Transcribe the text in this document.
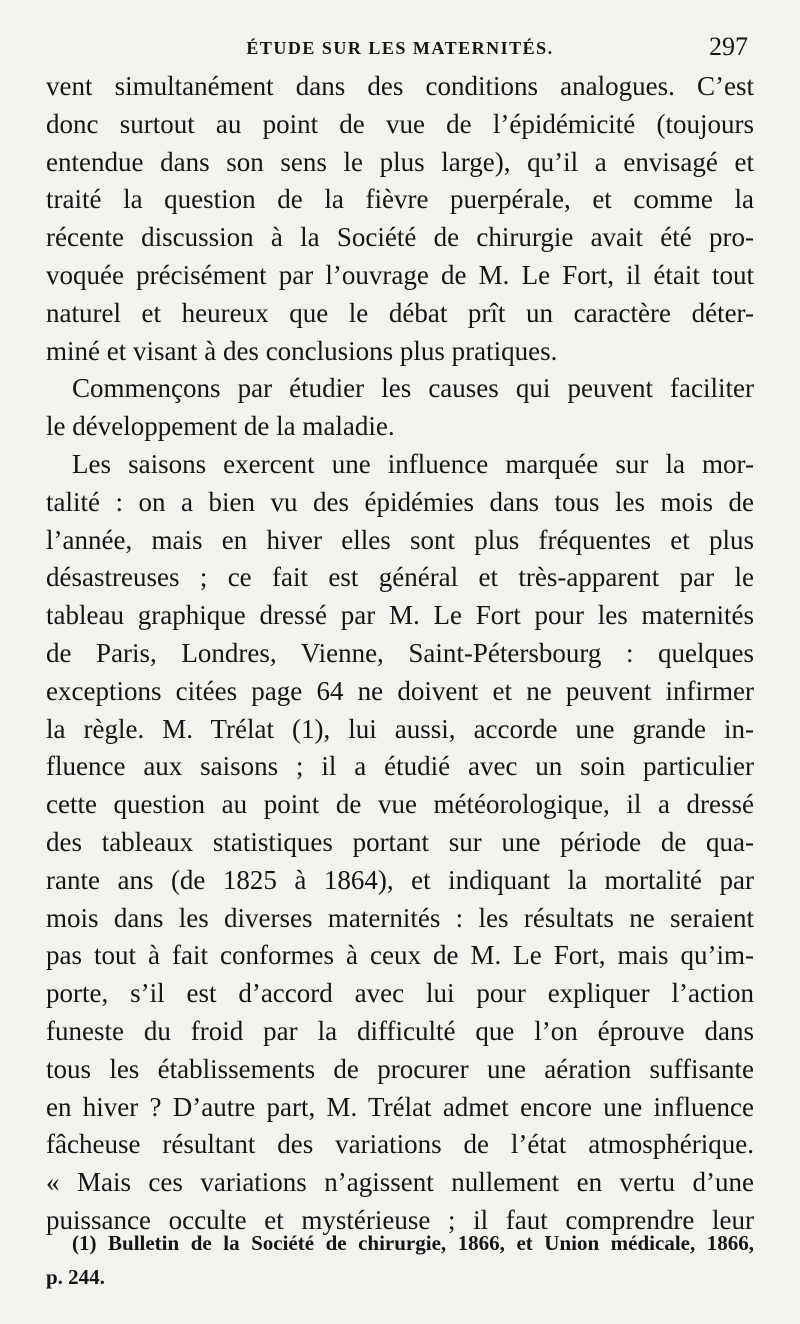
ÉTUDE SUR LES MATERNITÉS.	297
vent simultanément dans des conditions analogues. C’est
donc surtout au point de vue de l’épidémicité (toujours
entendue dans son sens le plus large), qu’il a envisagé et
traité la question de la fièvre puerpérale, et comme la
récente discussion à la Société de chirurgie avait été pro-
voquée précisément par l’ouvrage de M. Le Fort, il était tout
naturel et heureux que le débat prît un caractère déter-
miné et visant à des conclusions plus pratiques.
Commençons par étudier les causes qui peuvent faciliter
le développement de la maladie.
Les saisons exercent une influence marquée sur la mor-
talité : on a bien vu des épidémies dans tous les mois de
l’année, mais en hiver elles sont plus fréquentes et plus
désastreuses ; ce fait est général et très-apparent par le
tableau graphique dressé par M. Le Fort pour les maternités
de Paris, Londres, Vienne, Saint-Pétersbourg : quelques
exceptions citées page 64 ne doivent et ne peuvent infirmer
la règle. M. Trélat (1), lui aussi, accorde une grande in-
fluence aux saisons ; il a étudié avec un soin particulier
cette question au point de vue météorologique, il a dressé
des tableaux statistiques portant sur une période de qua-
rante ans (de 1825 à 1864), et indiquant la mortalité par
mois dans les diverses maternités : les résultats ne seraient
pas tout à fait conformes à ceux de M. Le Fort, mais qu’im-
porte, s’il est d’accord avec lui pour expliquer l’action
funeste du froid par la difficulté que l’on éprouve dans
tous les établissements de procurer une aération suffisante
en hiver ? D’autre part, M. Trélat admet encore une influence
fâcheuse résultant des variations de l’état atmosphérique.
« Mais ces variations n’agissent nullement en vertu d’une
puissance occulte et mystérieuse ; il faut comprendre leur
(1) Bulletin de la Société de chirurgie, 1866, et Union médicale, 1866,
p. 244.
